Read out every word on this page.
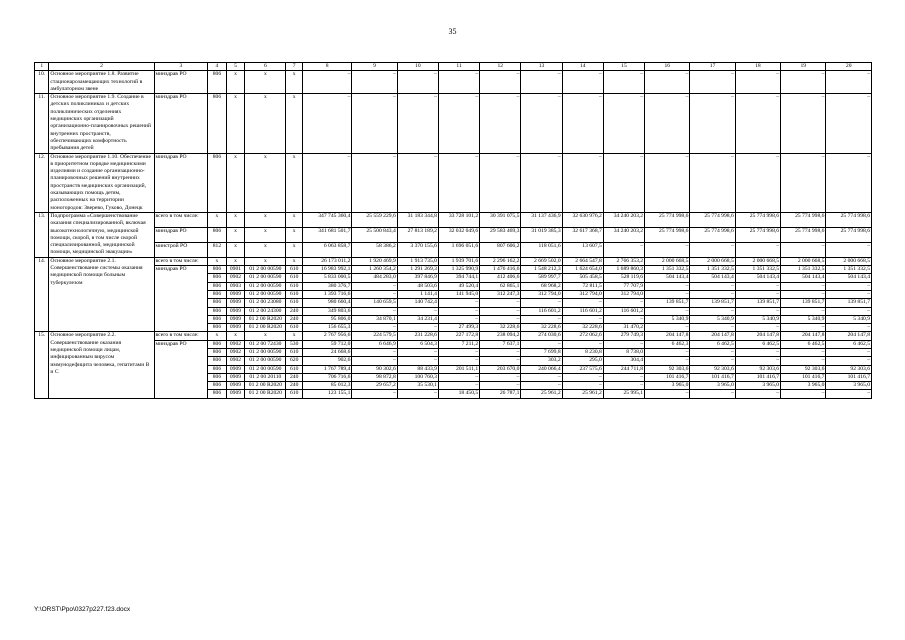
35
1	2	3	4	5	6	7	8	9	10	11	12	13	14	15	16	17	18	19	20
10.	Основное мероприятие 1.8. Развитие стационарозамещающих технологий в амбулаторном звене	минздрав РО	806	x	x	x	–	–	–	–	–	–	–	–	–	–	–	–	–
11.	Основное мероприятие 1.9. Создание в детских поликлиниках и детских поликлинических отделениях медицинских организаций организационно-планировочных решений внутренних пространств, обеспечивающих комфортность пребывания детей	минздрав РО	806	x	x	x	–	–	–	–	–	–	–	–	–	–	–	–	–
12.	Основное мероприятие 1.10. Обеспечение в приоритетном порядке медицинскими изделиями и создание организационно-планировочных решений внутренних пространств медицинских организаций, оказывающих помощь детям, расположенных на территории моногородов: Зверево, Гуково, Донецк	минздрав РО	806	x	x	x	–	–	–	–	–	–	–	–	–	–	–	–	–
13.	Подпрограмма «Совершенствование оказания специализированной, включая высокотехнологичную, медицинской помощи, скорой, в том числе скорой специализированной, медицинской помощи, медицинской эвакуации»	всего в том числе:	x	x	x	x	347 745 360,4	25 559 229,6	31 183 344,8	33 728 101,2	30 391 075,5	31 137 436,9	32 630 976,2	34 240 203,2	25 774 998,6	25 774 998,6	25 774 998,6	25 774 998,6	25 774 998,6
		минздрав РО	806	x	x	x	341 681 501,7	25 500 843,4	27 813 189,2	32 032 049,6	29 583 469,3	31 019 385,3	32 617 368,7	34 240 203,2	25 774 998,6	25 774 998,6	25 774 998,6	25 774 998,6	25 774 998,6
		минстрой РО	812	x	x	x	6 063 858,7	58 386,2	3 370 155,6	1 696 051,6	807 606,2	118 051,6	13 607,5	–	–	–	–	–	–
14.	Основное мероприятие 2.1. Совершенствование системы оказания медицинской помощи больным туберкулезом	всего в том числе:	x	x	x	x	26 173 011,2	1 920 469,9	1 913 735,0	1 939 701,6	2 296 162,2	2 669 502,0	2 664 547,8	2 766 353,2	2 000 668,5	2 000 668,5	2 000 668,5	2 000 668,5	2 000 668,5
		минздрав РО	806	0901	01 2 00 00590	610	16 983 992,1	1 260 354,2	1 291 269,3	1 325 990,9	1 476 416,6	1 548 212,3	1 624 654,0	1 689 860,3	1 351 332,5	1 351 332,5	1 351 332,5	1 351 332,5	1 351 332,5
			806	0902	01 2 00 00590	610	5 833 000,5	484 283,0	397 846,9	394 744,1	412 406,6	589 997,7	505 458,5	528 119,6	504 143,4	504 143,4	504 143,4	504 143,4	504 143,4
			806	0903	01 2 00 00590	610	380 376,7	–	48 503,6	49 520,4	62 865,1	68 968,2	72 811,5	77 707,9	–	–	–	–	–
			806	0909	01 2 00 00590	610	1 393 716,6	–	1 141,4	141 945,0	312 247,3	312 794,0	312 794,0	312 794,0	–	–	–	–	–
			806	0909	01 2 00 23080	610	980 660,4	140 659,5	140 742,4	–	–	–	–	–	139 851,7	139 851,7	139 851,7	139 851,7	139 851,7
			806	0909	01 2 00 24300	240	349 803,6	–	–	–	–	116 601,2	116 601,2	116 601,2	–	–	–	–	–
			806	0909	01 2 00 R2020	240	95 806,0	34 870,1	34 231,4	–	–	–	–	–	5 340,9	5 340,9	5 340,9	5 340,9	5 340,9
			806	0909	01 2 00 R2020	610	156 655,3	–	–	27 499,3	32 228,6	32 228,6	32 228,6	31 470,2	–	–	–	–	–
15.	Основное мероприятие 2.2. Совершенствование оказания медицинской помощи лицам, инфицированным вирусом иммунодефицита человека, гепатитами B и C	всего в том числе:	x	x	x	x	2 767 956,6	224 579,5	231 228,6	227 172,8	238 094,2	274 030,6	272 062,6	279 749,3	204 147,8	204 147,8	204 147,8	204 147,8	204 147,8
		минздрав РО	806	0902	01 2 00 72430	530	59 712,0	6 646,9	6 504,3	7 211,2	7 637,1	–	–	–	6 462,3	6 462,5	6 462,5	6 462,5	6 462,5
			806	0902	01 2 00 00590	610	24 668,6	–	–	–	–	7 699,8	8 230,8	8 738,0	–	–	–	–	–
			806	0902	01 2 00 00590	620	902,6	–	–	–	–	303,2	295,0	304,4	–	–	–	–	–
			806	0909	01 2 00 00590	610	1 767 789,4	90 302,6	88 433,9	201 511,1	203 670,0	240 066,4	237 575,6	244 711,8	92 303,6	92 303,6	92 303,6	92 303,6	92 303,6
			806	0909	01 2 00 20110	240	706 716,6	98 872,8	100 760,3	–	–	–	–	–	101 416,7	101 416,7	101 416,7	101 416,7	101 416,7
			806	0909	01 2 00 R2020	240	85 012,3	29 657,2	35 530,1	–	–	–	–	–	3 965,0	3 965,0	3 965,0	3 965,0	3 965,0
			806	0909	01 2 00 R2020	610	123 155,1	–	–	18 450,5	26 787,1	25 961,2	25 961,2	25 995,1	–	–	–	–	–
Y:\ORST\Ppo\0327p227.f23.docx
